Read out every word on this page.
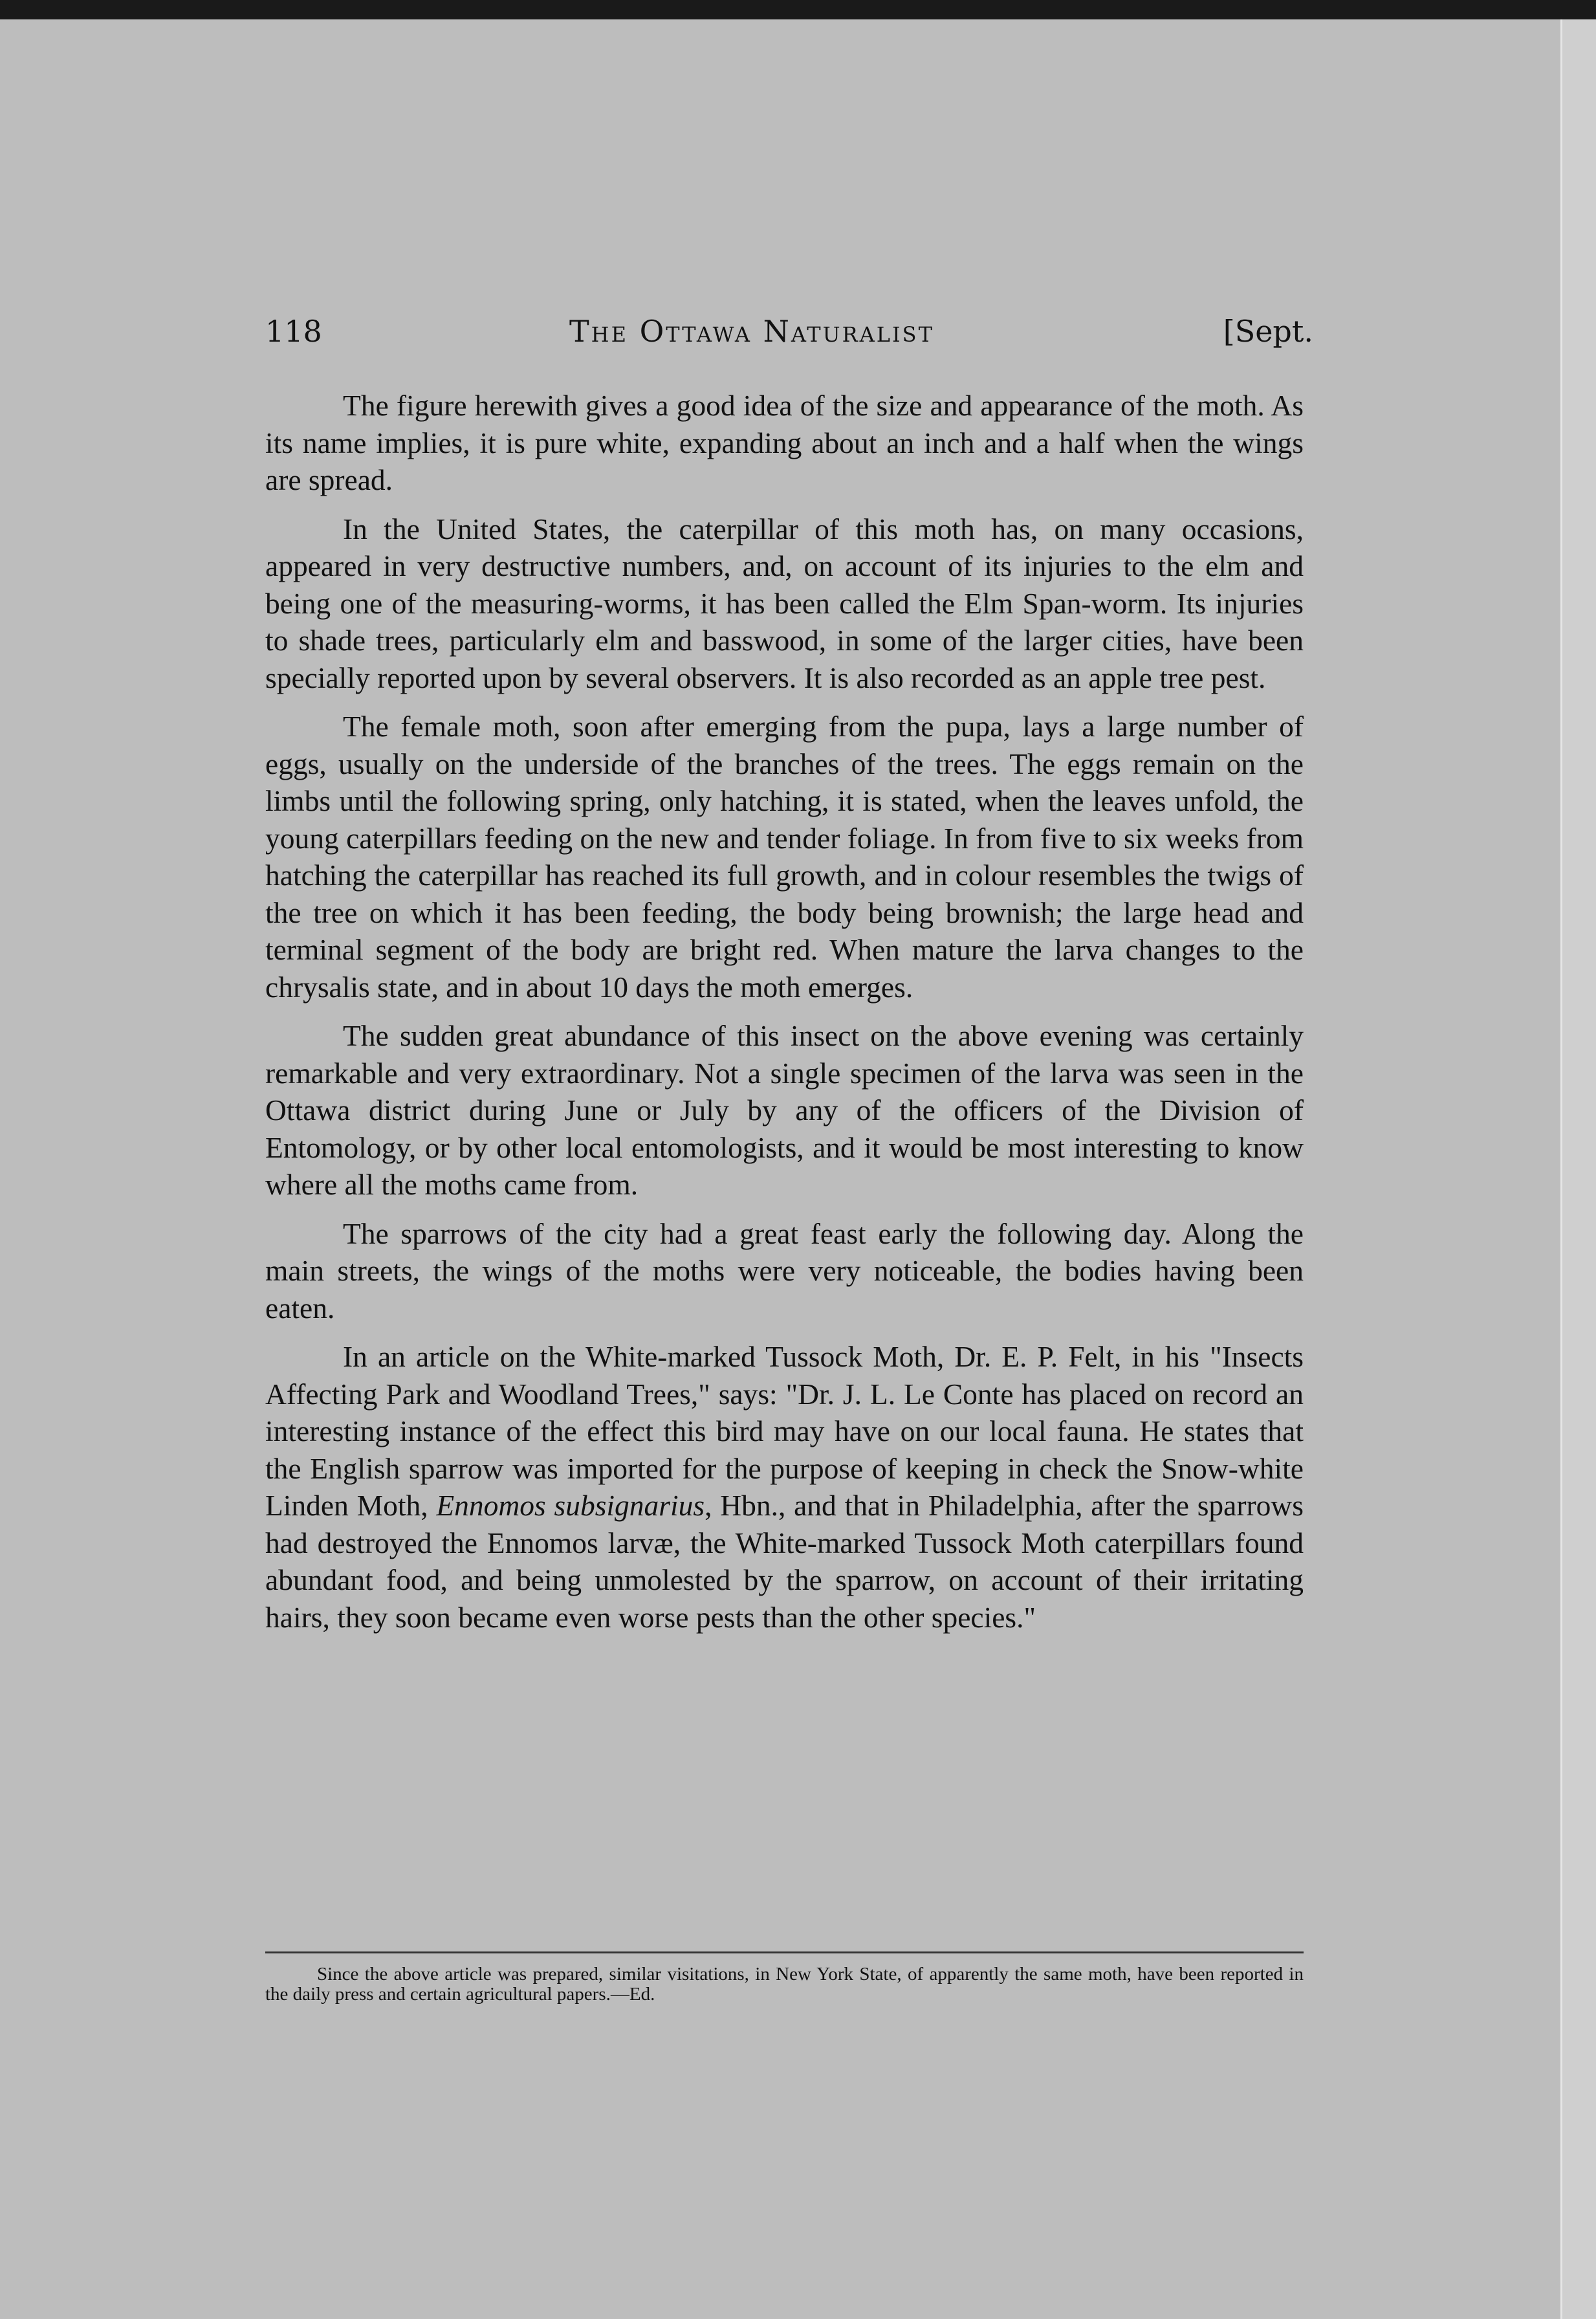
118	The Ottawa Naturalist	[Sept.

The figure herewith gives a good idea of the size and appearance of the moth. As its name implies, it is pure white, expanding about an inch and a half when the wings are spread.

In the United States, the caterpillar of this moth has, on many occasions, appeared in very destructive numbers, and, on account of its injuries to the elm and being one of the measuring-worms, it has been called the Elm Span-worm. Its injuries to shade trees, particularly elm and basswood, in some of the larger cities, have been specially reported upon by several observers. It is also recorded as an apple tree pest.

The female moth, soon after emerging from the pupa, lays a large number of eggs, usually on the underside of the branches of the trees. The eggs remain on the limbs until the following spring, only hatching, it is stated, when the leaves unfold, the young caterpillars feeding on the new and tender foliage. In from five to six weeks from hatching the caterpillar has reached its full growth, and in colour resembles the twigs of the tree on which it has been feeding, the body being brownish; the large head and terminal segment of the body are bright red. When mature the larva changes to the chrysalis state, and in about 10 days the moth emerges.

The sudden great abundance of this insect on the above evening was certainly remarkable and very extraordinary. Not a single specimen of the larva was seen in the Ottawa district during June or July by any of the officers of the Division of Entomology, or by other local entomologists, and it would be most interesting to know where all the moths came from.

The sparrows of the city had a great feast early the following day. Along the main streets, the wings of the moths were very noticeable, the bodies having been eaten.

In an article on the White-marked Tussock Moth, Dr. E. P. Felt, in his "Insects Affecting Park and Woodland Trees," says: "Dr. J. L. Le Conte has placed on record an interesting instance of the effect this bird may have on our local fauna. He states that the English sparrow was imported for the purpose of keeping in check the Snow-white Linden Moth, Ennomos subsignarius, Hbn., and that in Philadelphia, after the sparrows had destroyed the Ennomos larvæ, the White-marked Tussock Moth caterpillars found abundant food, and being unmolested by the sparrow, on account of their irritating hairs, they soon became even worse pests than the other species."

Since the above article was prepared, similar visitations, in New York State, of apparently the same moth, have been reported in the daily press and certain agricultural papers.—Ed.
